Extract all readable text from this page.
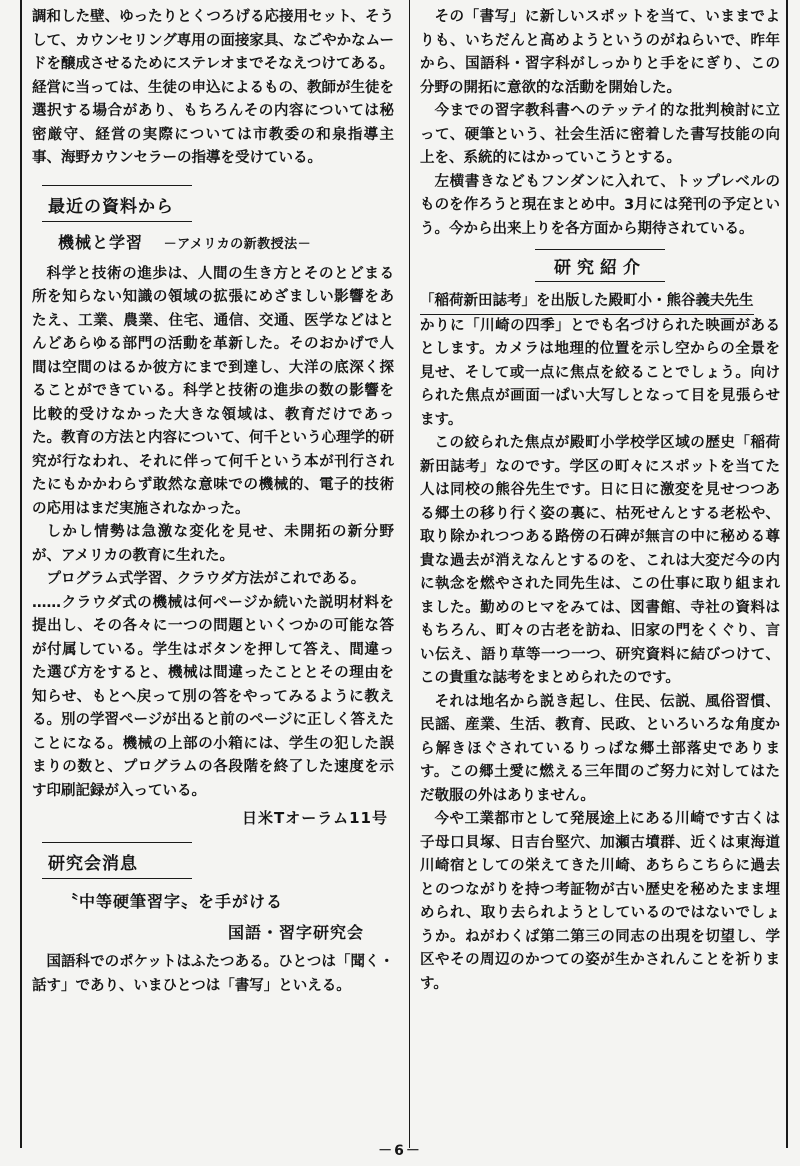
調和した壁、ゆったりとくつろげる応接用セット、そうして、カウンセリング専用の面接家具、なごやかなムードを醸成させるためにステレオまでそなえつけてある。経営に当っては、生徒の申込によるもの、教師が生徒を選択する場合があり、もちろんその内容については秘密厳守、経営の実際については市教委の和泉指導主事、海野カウンセラーの指導を受けている。

最近の資料から
機械と学習 －アメリカの新教授法－

科学と技術の進歩は、人間の生き方とそのとどまる所を知らない知識の領域の拡張にめざましい影響をあたえ、工業、農業、住宅、通信、交通、医学などはとんどあらゆる部門の活動を革新した。そのおかげで人間は空間のはるか彼方にまで到達し、大洋の底深く探ることができている。科学と技術の進歩の数の影響を比較的受けなかった大きな領域は、教育だけであった。教育の方法と内容について、何千という心理学的研究が行なわれ、それに伴って何千という本が刊行されたにもかかわらず敢然な意味での機械的、電子的技術の応用はまだ実施されなかった。

しかし情勢は急激な変化を見せ、未開拓の新分野が、アメリカの教育に生れた。

プログラム式学習、クラウダ方法がこれである。

……クラウダ式の機械は何ページか続いた説明材料を提出し、その各々に一つの問題といくつかの可能な答が付属している。学生はボタンを押して答え、間違った選び方をすると、機械は間違ったこととその理由を知らせ、もとへ戻って別の答をやってみるように教える。別の学習ページが出ると前のページに正しく答えたことになる。機械の上部の小箱には、学生の犯した誤まりの数と、プログラムの各段階を終了した速度を示す印刷記録が入っている。

日米Tオーラム11号
研究会消息
〝中等硬筆習字〟を手がける
国語・習字研究会

国語科でのポケットはふたつある。ひとつは「聞く・話す」であり、いまひとつは「書写」といえる。

その「書写」に新しいスポットを当て、いままでよりも、いちだんと高めようというのがねらいで、昨年から、国語科・習字科がしっかりと手をにぎり、この分野の開拓に意欲的な活動を開始した。

今までの習字教科書へのテッテイ的な批判検討に立って、硬筆という、社会生活に密着した書写技能の向上を、系統的にはかっていこうとする。

左横書きなどもフンダンに入れて、トップレベルのものを作ろうと現在まとめ中。3月には発刊の予定という。今から出来上りを各方面から期待されている。

研究紹介
「稲荷新田誌考」を出版した殿町小・熊谷義夫先生

かりに「川崎の四季」とでも名づけられた映画があるとします。カメラは地理的位置を示し空からの全景を見せ、そして或一点に焦点を絞ることでしょう。向けられた焦点が画面一ぱい大写しとなって目を見張らせます。

この絞られた焦点が殿町小学校学区域の歴史「稲荷新田誌考」なのです。学区の町々にスポットを当てた人は同校の熊谷先生です。日に日に激変を見せつつある郷土の移り行く姿の裏に、枯死せんとする老松や、取り除かれつつある路傍の石碑が無言の中に秘める尊貴な過去が消えなんとするのを、これは大変だ今の内に執念を燃やされた同先生は、この仕事に取り組まれました。勤めのヒマをみては、図書館、寺社の資料はもちろん、町々の古老を訪ね、旧家の門をくぐり、言い伝え、語り草等一つ一つ、研究資料に結びつけて、この貴重な誌考をまとめられたのです。

それは地名から説き起し、住民、伝説、風俗習慣、民謡、産業、生活、教育、民政、といろいろな角度から解きほぐされているりっぱな郷土部落史であります。この郷土愛に燃える三年間のご努力に対してはただ敬服の外はありません。

今や工業都市として発展途上にある川崎です古くは子母口貝塚、日吉台堅穴、加瀬古墳群、近くは東海道川崎宿としての栄えてきた川崎、あちらこちらに過去とのつながりを持つ考証物が古い歴史を秘めたまま埋められ、取り去られようとしているのではないでしょうか。ねがわくば第二第三の同志の出現を切望し、学区やその周辺のかつての姿が生かされんことを祈ります。

－6－
